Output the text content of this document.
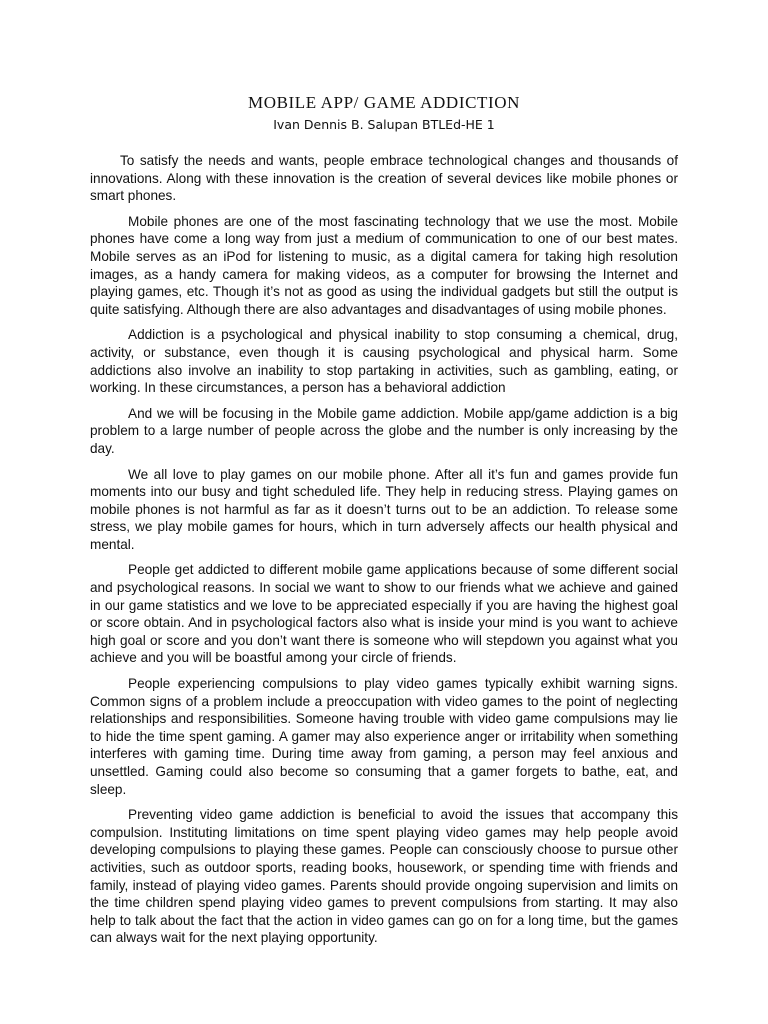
MOBILE APP/ GAME ADDICTION
Ivan Dennis B. Salupan BTLEd-HE 1

To satisfy the needs and wants, people embrace technological changes and thousands of innovations. Along with these innovation is the creation of several devices like mobile phones or smart phones.

Mobile phones are one of the most fascinating technology that we use the most. Mobile phones have come a long way from just a medium of communication to one of our best mates. Mobile serves as an iPod for listening to music, as a digital camera for taking high resolution images, as a handy camera for making videos, as a computer for browsing the Internet and playing games, etc. Though it’s not as good as using the individual gadgets but still the output is quite satisfying. Although there are also advantages and disadvantages of using mobile phones.

Addiction is a psychological and physical inability to stop consuming a chemical, drug, activity, or substance, even though it is causing psychological and physical harm. Some addictions also involve an inability to stop partaking in activities, such as gambling, eating, or working. In these circumstances, a person has a behavioral addiction

And we will be focusing in the Mobile game addiction. Mobile app/game addiction is a big problem to a large number of people across the globe and the number is only increasing by the day.

We all love to play games on our mobile phone. After all it’s fun and games provide fun moments into our busy and tight scheduled life. They help in reducing stress. Playing games on mobile phones is not harmful as far as it doesn’t turns out to be an addiction. To release some stress, we play mobile games for hours, which in turn adversely affects our health physical and mental.

People get addicted to different mobile game applications because of some different social and psychological reasons. In social we want to show to our friends what we achieve and gained in our game statistics and we love to be appreciated especially if you are having the highest goal or score obtain. And in psychological factors also what is inside your mind is you want to achieve high goal or score and you don’t want there is someone who will stepdown you against what you achieve and you will be boastful among your circle of friends.

People experiencing compulsions to play video games typically exhibit warning signs. Common signs of a problem include a preoccupation with video games to the point of neglecting relationships and responsibilities. Someone having trouble with video game compulsions may lie to hide the time spent gaming. A gamer may also experience anger or irritability when something interferes with gaming time. During time away from gaming, a person may feel anxious and unsettled. Gaming could also become so consuming that a gamer forgets to bathe, eat, and sleep.

Preventing video game addiction is beneficial to avoid the issues that accompany this compulsion. Instituting limitations on time spent playing video games may help people avoid developing compulsions to playing these games. People can consciously choose to pursue other activities, such as outdoor sports, reading books, housework, or spending time with friends and family, instead of playing video games. Parents should provide ongoing supervision and limits on the time children spend playing video games to prevent compulsions from starting. It may also help to talk about the fact that the action in video games can go on for a long time, but the games can always wait for the next playing opportunity.
